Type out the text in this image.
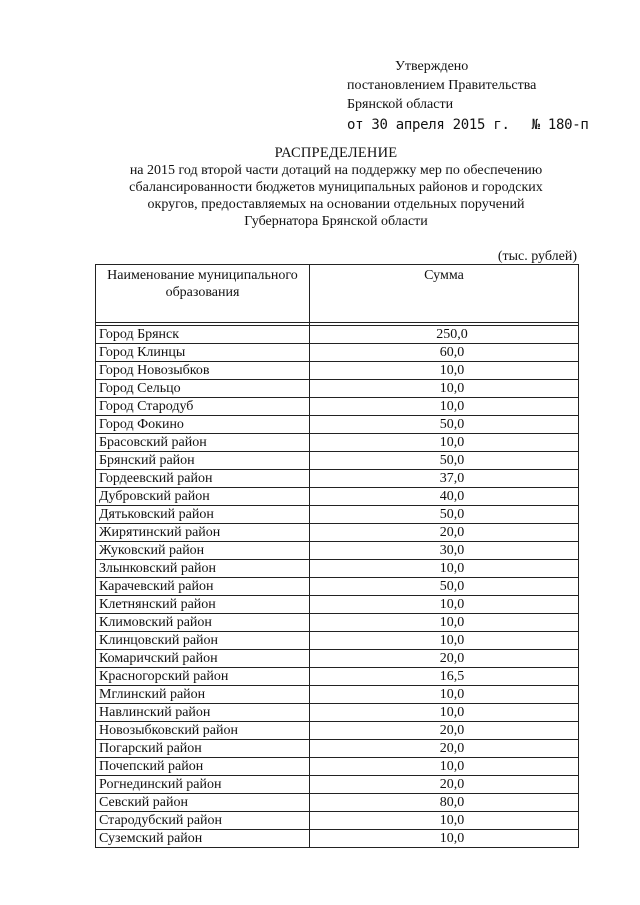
Утверждено
постановлением Правительства
Брянской области
от 30 апреля 2015 г. № 180-п
РАСПРЕДЕЛЕНИЕ
на 2015 год второй части дотаций на поддержку мер по обеспечению
сбалансированности бюджетов муниципальных районов и городских
округов, предоставляемых на основании отдельных поручений
Губернатора Брянской области
(тыс. рублей)
Наименование муниципального образования	Сумма

Город Брянск	250,0
Город Клинцы	60,0
Город Новозыбков	10,0
Город Сельцо	10,0
Город Стародуб	10,0
Город Фокино	50,0
Брасовский район	10,0
Брянский район	50,0
Гордеевский район	37,0
Дубровский район	40,0
Дятьковский район	50,0
Жирятинский район	20,0
Жуковский район	30,0
Злынковский район	10,0
Карачевский район	50,0
Клетнянский район	10,0
Климовский район	10,0
Клинцовский район	10,0
Комаричский район	20,0
Красногорский район	16,5
Мглинский район	10,0
Навлинский район	10,0
Новозыбковский район	20,0
Погарский район	20,0
Почепский район	10,0
Рогнединский район	20,0
Севский район	80,0
Стародубский район	10,0
Суземский район	10,0
